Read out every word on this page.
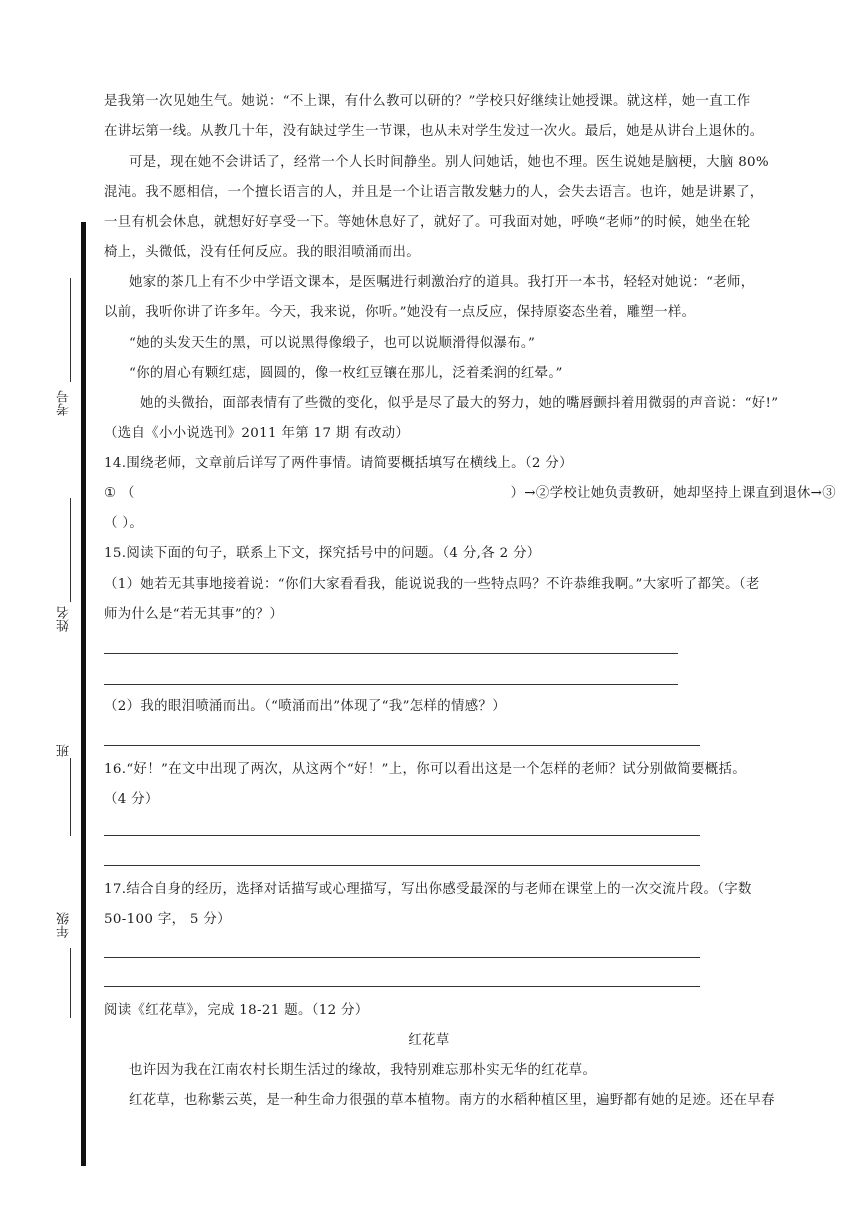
考号
姓名
班
年级
是我第一次见她生气。她说：“不上课，有什么教可以研的？”学校只好继续让她授课。就这样，她一直工作
在讲坛第一线。从教几十年，没有缺过学生一节课，也从未对学生发过一次火。最后，她是从讲台上退休的。
可是，现在她不会讲话了，经常一个人长时间静坐。别人问她话，她也不理。医生说她是脑梗，大脑 80%
混沌。我不愿相信，一个擅长语言的人，并且是一个让语言散发魅力的人，会失去语言。也许，她是讲累了，
一旦有机会休息，就想好好享受一下。等她休息好了，就好了。可我面对她，呼唤“老师”的时候，她坐在轮
椅上，头微低，没有任何反应。我的眼泪喷涌而出。
她家的茶几上有不少中学语文课本，是医嘱进行刺激治疗的道具。我打开一本书，轻轻对她说：“老师，
以前，我听你讲了许多年。今天，我来说，你听。”她没有一点反应，保持原姿态坐着，雕塑一样。
“她的头发天生的黑，可以说黑得像缎子，也可以说顺滑得似瀑布。”
“你的眉心有颗红痣，圆圆的，像一枚红豆镶在那儿，泛着柔润的红晕。”
她的头微抬，面部表情有了些微的变化，似乎是尽了最大的努力，她的嘴唇颤抖着用微弱的声音说：“好!”
（选自《小小说选刊》2011 年第 17 期 有改动）
14.围绕老师，文章前后详写了两件事情。请简要概括填写在横线上。（2 分）
① （	）→②学校让她负责教研，她却坚持上课直到退休→③
（ ）。
15.阅读下面的句子，联系上下文，探究括号中的问题。（4 分,各 2 分）
（1）她若无其事地接着说：“你们大家看看我，能说说我的一些特点吗？不许恭维我啊。”大家听了都笑。（老
师为什么是“若无其事”的？）
（2）我的眼泪喷涌而出。（“喷涌而出”体现了“我”怎样的情感？）
16.“好！”在文中出现了两次，从这两个“好！”上，你可以看出这是一个怎样的老师？试分别做简要概括。
（4 分）
17.结合自身的经历，选择对话描写或心理描写，写出你感受最深的与老师在课堂上的一次交流片段。（字数
50-100 字， 5 分）
阅读《红花草》，完成 18-21 题。（12 分）
红花草
也许因为我在江南农村长期生活过的缘故，我特别难忘那朴实无华的红花草。
红花草，也称紫云英，是一种生命力很强的草本植物。南方的水稻种植区里，遍野都有她的足迹。还在早春
